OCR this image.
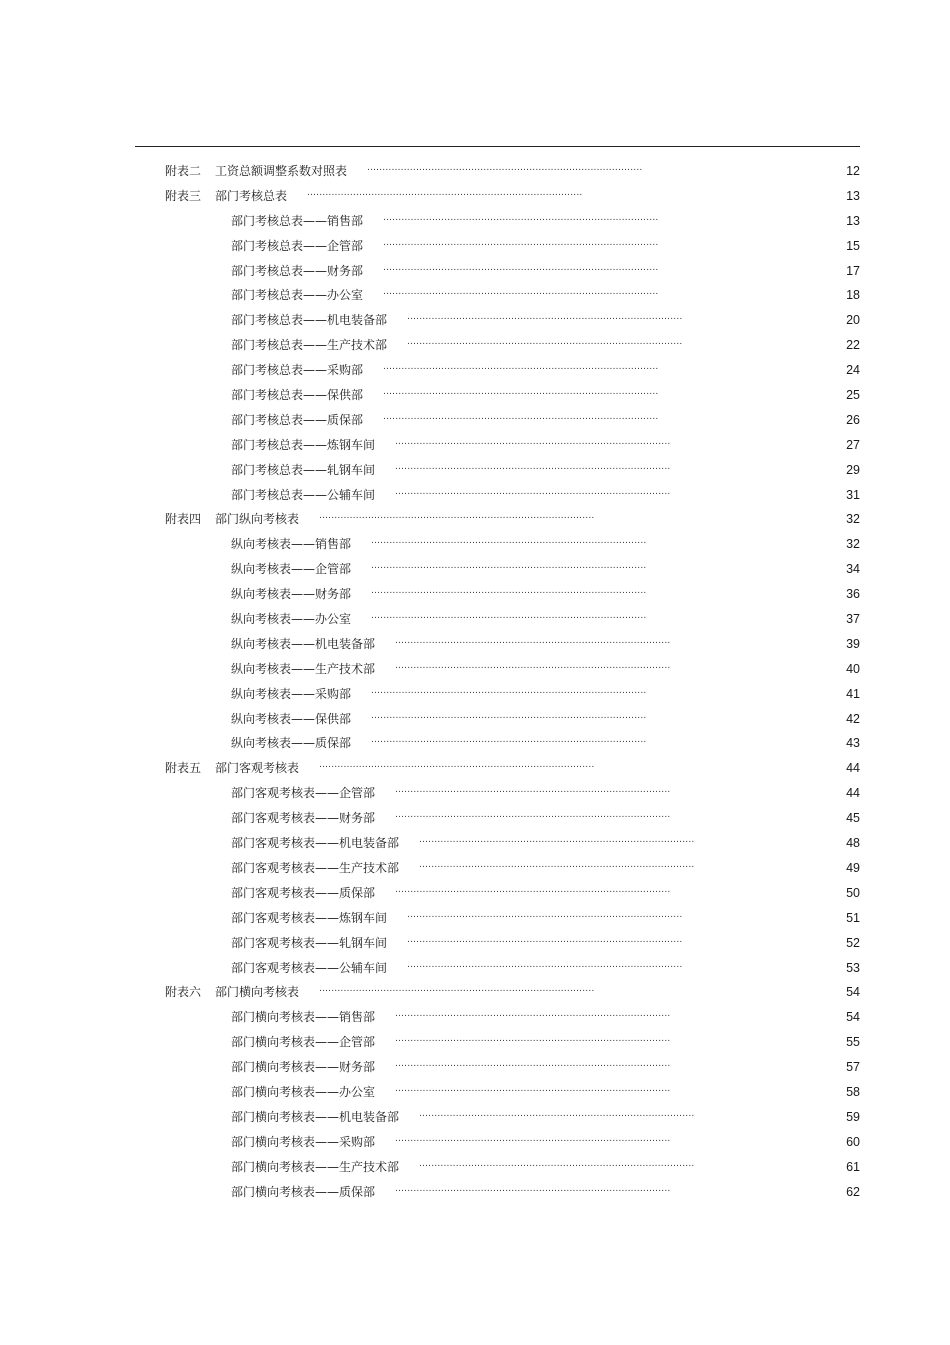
附表二 工资总额调整系数对照表 ..........................................................................................	12
附表三 部门考核总表 ..........................................................................................	13
部门考核总表——销售部 ..........................................................................................	13
部门考核总表——企管部 ..........................................................................................	15
部门考核总表——财务部 ..........................................................................................	17
部门考核总表——办公室 ..........................................................................................	18
部门考核总表——机电装备部 ..........................................................................................	20
部门考核总表——生产技术部 ..........................................................................................	22
部门考核总表——采购部 ..........................................................................................	24
部门考核总表——保供部 ..........................................................................................	25
部门考核总表——质保部 ..........................................................................................	26
部门考核总表——炼钢车间 ..........................................................................................	27
部门考核总表——轧钢车间 ..........................................................................................	29
部门考核总表——公辅车间 ..........................................................................................	31
附表四 部门纵向考核表 ..........................................................................................	32
纵向考核表——销售部 ..........................................................................................	32
纵向考核表——企管部 ..........................................................................................	34
纵向考核表——财务部 ..........................................................................................	36
纵向考核表——办公室 ..........................................................................................	37
纵向考核表——机电装备部 ..........................................................................................	39
纵向考核表——生产技术部 ..........................................................................................	40
纵向考核表——采购部 ..........................................................................................	41
纵向考核表——保供部 ..........................................................................................	42
纵向考核表——质保部 ..........................................................................................	43
附表五 部门客观考核表 ..........................................................................................	44
部门客观考核表——企管部 ..........................................................................................	44
部门客观考核表——财务部 ..........................................................................................	45
部门客观考核表——机电装备部 ..........................................................................................	48
部门客观考核表——生产技术部 ..........................................................................................	49
部门客观考核表——质保部 ..........................................................................................	50
部门客观考核表——炼钢车间 ..........................................................................................	51
部门客观考核表——轧钢车间 ..........................................................................................	52
部门客观考核表——公辅车间 ..........................................................................................	53
附表六 部门横向考核表 ..........................................................................................	54
部门横向考核表——销售部 ..........................................................................................	54
部门横向考核表——企管部 ..........................................................................................	55
部门横向考核表——财务部 ..........................................................................................	57
部门横向考核表——办公室 ..........................................................................................	58
部门横向考核表——机电装备部 ..........................................................................................	59
部门横向考核表——采购部 ..........................................................................................	60
部门横向考核表——生产技术部 ..........................................................................................	61
部门横向考核表——质保部 ..........................................................................................	62
